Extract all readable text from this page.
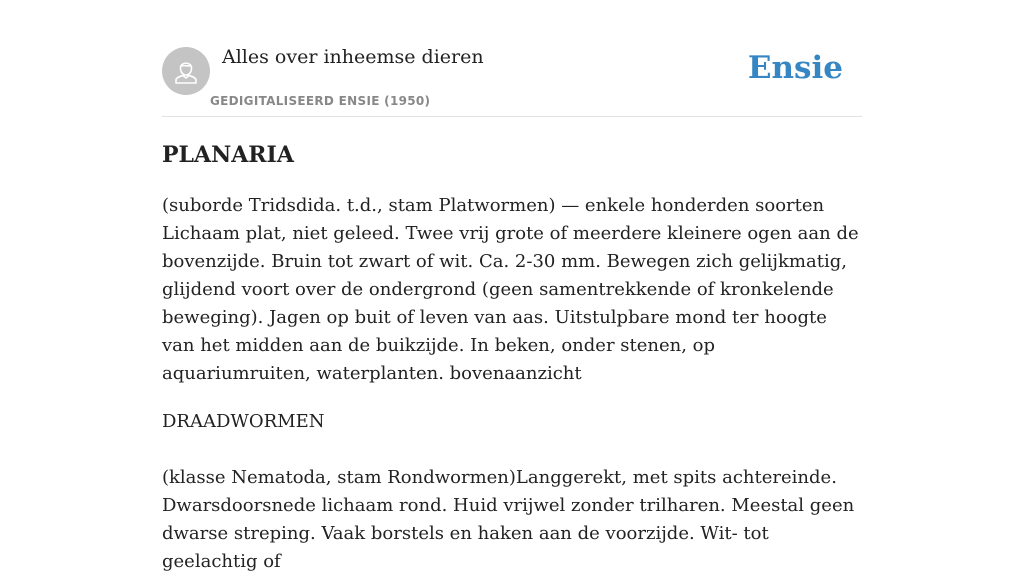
Alles over inheemse dieren
GEDIGITALISEERD ENSIE (1950)
Ensie
PLANARIA

(suborde Tridsdida. t.d., stam Platwormen) — enkele honderden soorten Lichaam plat, niet geleed. Twee vrij grote of meerdere kleinere ogen aan de bovenzijde. Bruin tot zwart of wit. Ca. 2-30 mm. Bewegen zich gelijkmatig, glijdend voort over de ondergrond (geen samentrekkende of kronkelende beweging). Jagen op buit of leven van aas. Uitstulpbare mond ter hoogte van het midden aan de buikzijde. In beken, onder stenen, op aquariumruiten, waterplanten. bovenaanzicht

DRAADWORMEN

(klasse Nematoda, stam Rondwormen)Langgerekt, met spits achtereinde. Dwarsdoorsnede lichaam rond. Huid vrijwel zonder trilharen. Meestal geen dwarse streping. Vaak borstels en haken aan de voorzijde. Wit- tot geelachtig of
